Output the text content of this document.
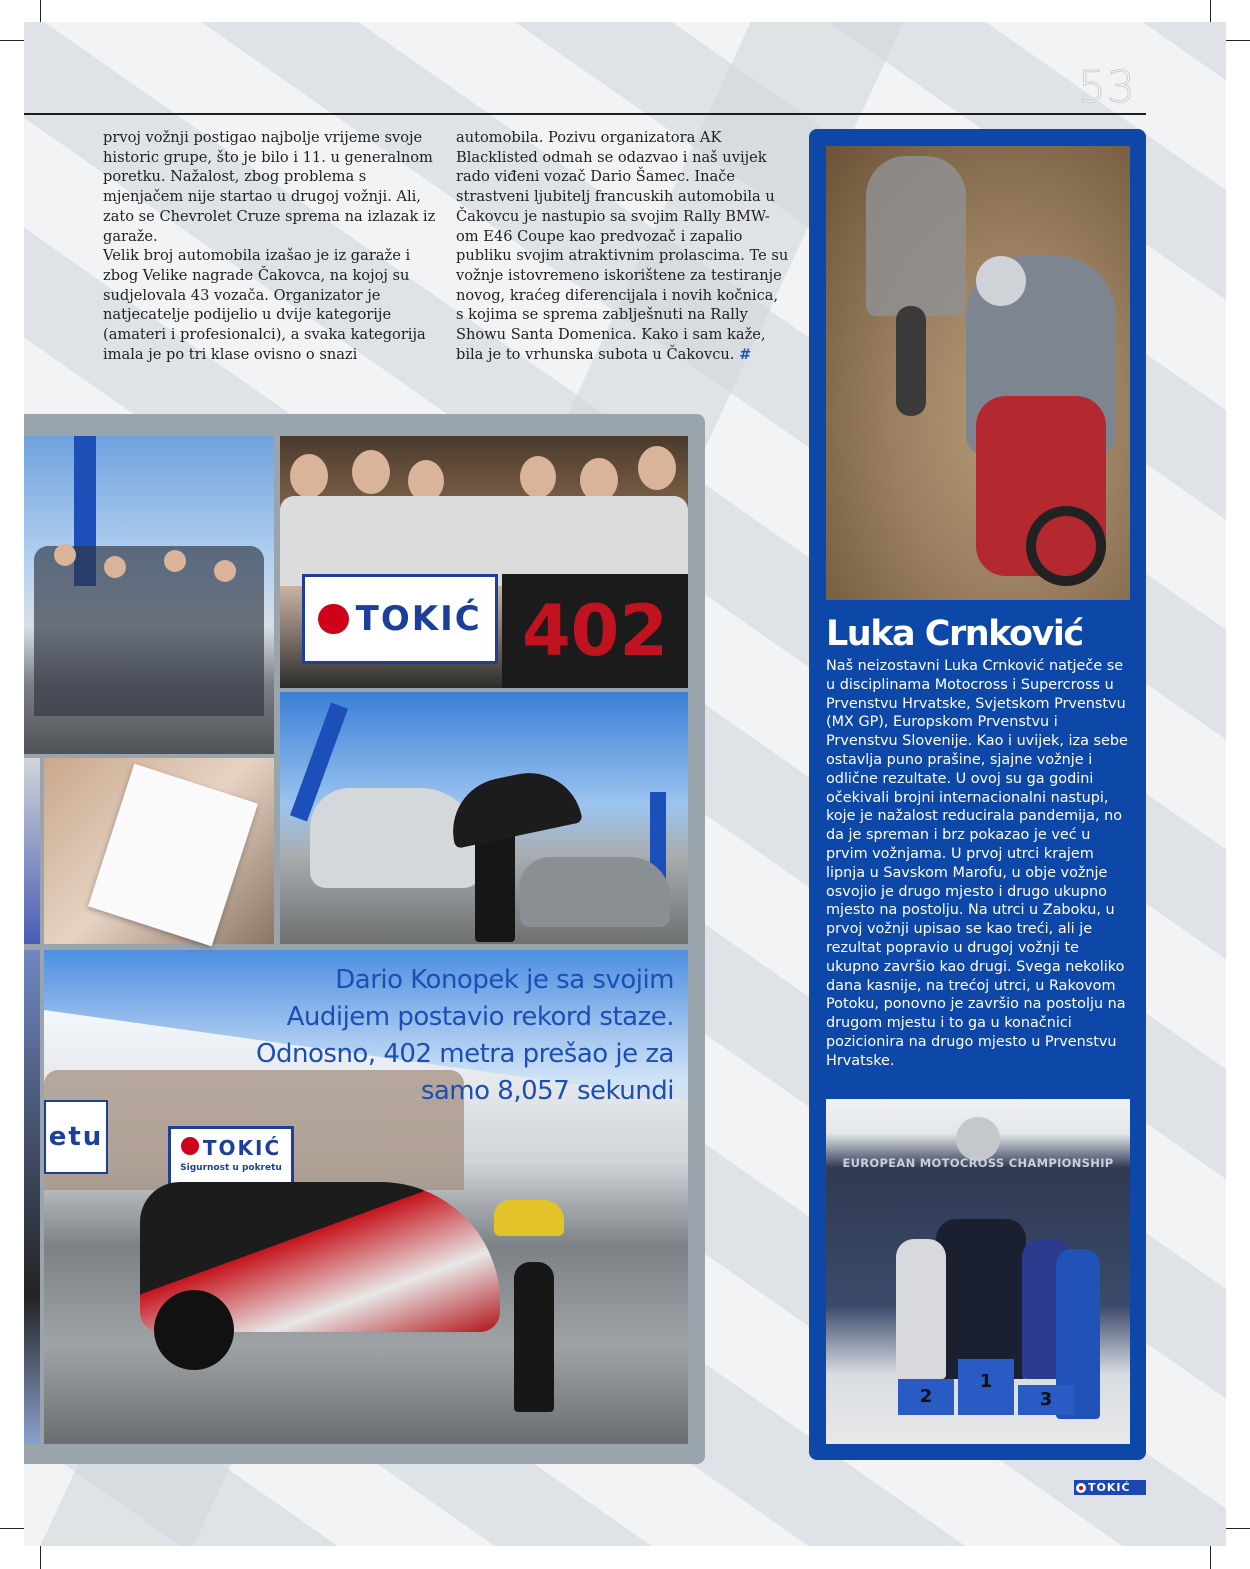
53

prvoj vožnji postigao najbolje vrijeme svoje historic grupe, što je bilo i 11. u generalnom poretku. Nažalost, zbog problema s mjenjačem nije startao u drugoj vožnji. Ali, zato se Chevrolet Cruze sprema na izlazak iz garaže.

Velik broj automobila izašao je iz garaže i zbog Velike nagrade Čakovca, na kojoj su sudjelovala 43 vozača. Organizator je natjecatelje podijelio u dvije kategorije (amateri i profesionalci), a svaka kategorija imala je po tri klase ovisno o snazi

automobila. Pozivu organizatora AK Blacklisted odmah se odazvao i naš uvijek rado viđeni vozač Dario Šamec. Inače strastveni ljubitelj francuskih automobila u Čakovcu je nastupio sa svojim Rally BMW-om E46 Coupe kao predvozač i zapalio publiku svojim atraktivnim prolascima. Te su vožnje istovremeno iskorištene za testiranje novog, kraćeg diferencijala i novih kočnica, s kojima se sprema zablješnuti na Rally Showu Santa Domenica. Kako i sam kaže, bila je to vrhunska subota u Čakovcu. #

TOKIĆ 402
etu	TOKIĆ
Sigurnost u pokretu
Dario Konopek je sa svojim Audijem postavio rekord staze. Odnosno, 402 metra prešao je za samo 8,057 sekundi
Luka Crnković

Naš neizostavni Luka Crnković natječe se u disciplinama Motocross i Supercross u Prvenstvu Hrvatske, Svjetskom Prvenstvu (MX GP), Europskom Prvenstvu i Prvenstvu Slovenije. Kao i uvijek, iza sebe ostavlja puno prašine, sjajne vožnje i odlične rezultate. U ovoj su ga godini očekivali brojni internacionalni nastupi, koje je nažalost reducirala pandemija, no da je spreman i brz pokazao je već u prvim vožnjama. U prvoj utrci krajem lipnja u Savskom Marofu, u obje vožnje osvojio je drugo mjesto i drugo ukupno mjesto na postolju. Na utrci u Zaboku, u prvoj vožnji upisao se kao treći, ali je rezultat popravio u drugoj vožnji te ukupno završio kao drugi. Svega nekoliko dana kasnije, na trećoj utrci, u Rakovom Potoku, ponovno je završio na postolju na drugom mjestu i to ga u konačnici pozicionira na drugo mjesto u Prvenstvu Hrvatske.

2
1
3
EUROPEAN MOTOCROSS CHAMPIONSHIP
TOKIĆ
